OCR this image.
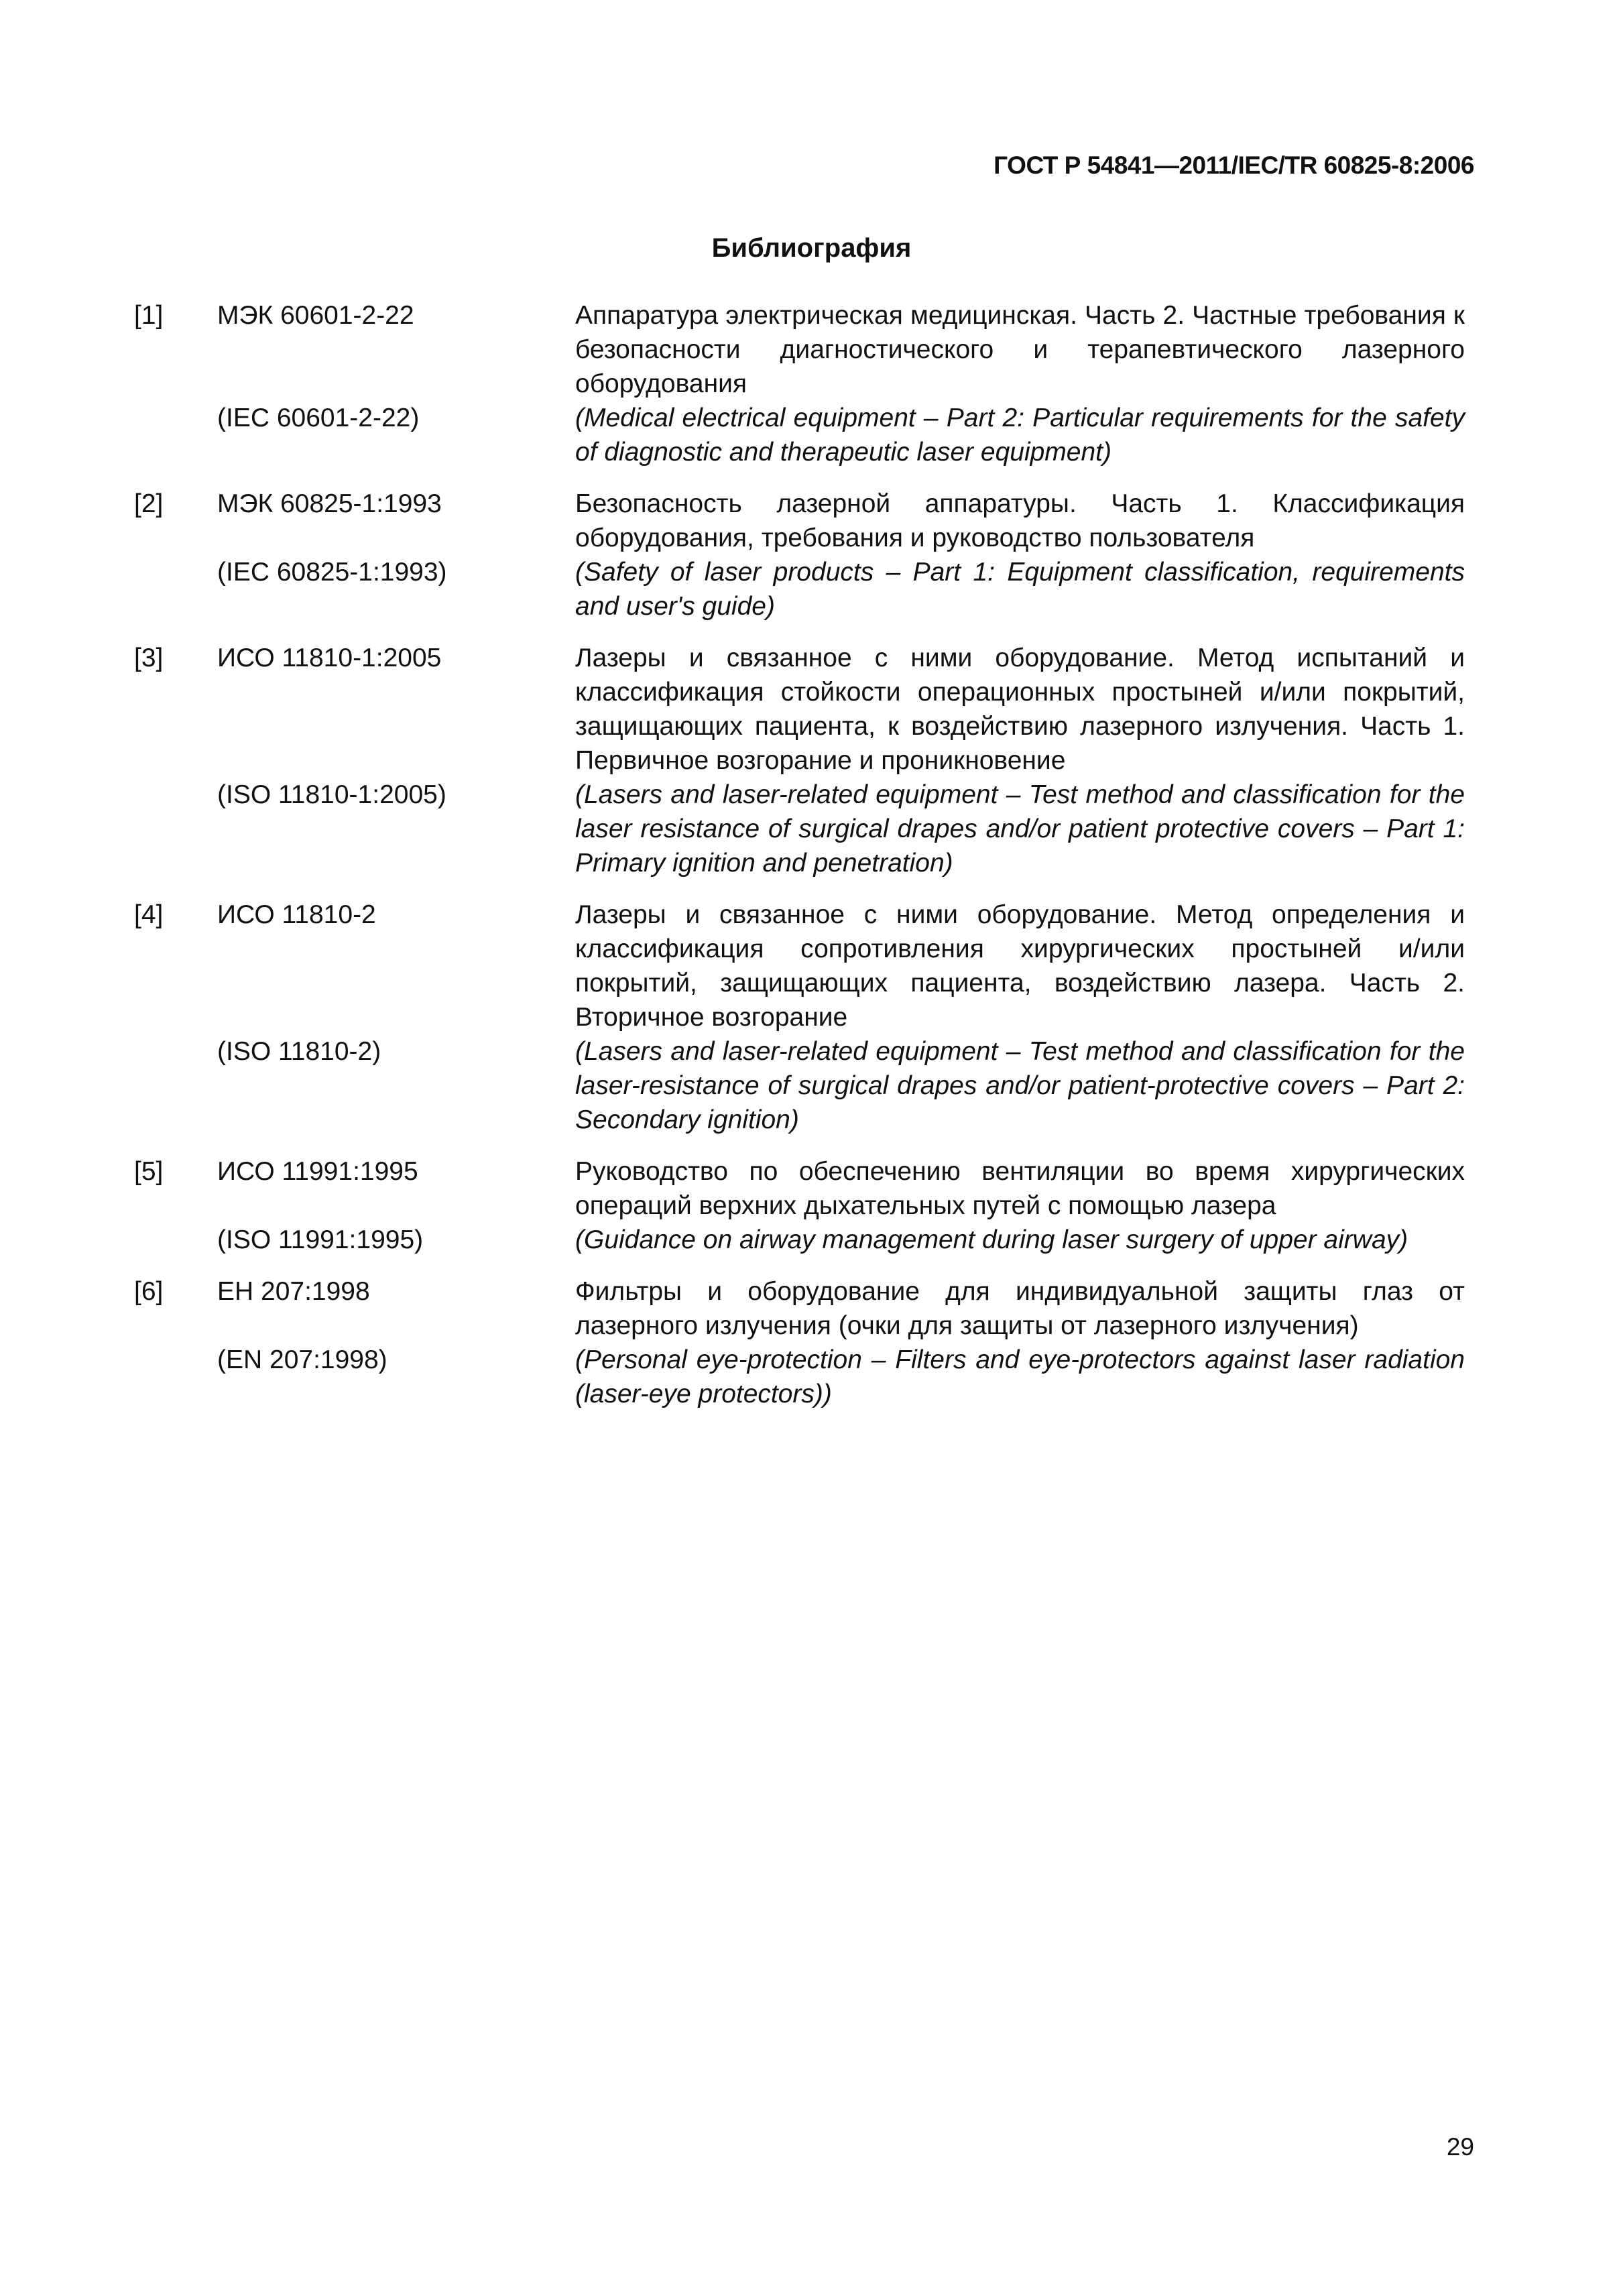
ГОСТ Р 54841—2011/IEC/TR 60825-8:2006
Библиография
[1] МЭК 60601-2-22	Аппаратура электрическая медицинская. Часть 2. Частные требования к безопасности диагностического и терапевтического лазерного оборудования
(IEC 60601-2-22)	(Medical electrical equipment – Part 2: Particular requirements for the safety of diagnostic and therapeutic laser equipment)
[2] МЭК 60825-1:1993	Безопасность лазерной аппаратуры. Часть 1. Классификация оборудования, требования и руководство пользователя
(IEC 60825-1:1993)	(Safety of laser products – Part 1: Equipment classification, requirements and user's guide)
[3] ИСО 11810-1:2005	Лазеры и связанное с ними оборудование. Метод испытаний и классификация стойкости операционных простыней и/или покрытий, защищающих пациента, к воздействию лазерного излучения. Часть 1. Первичное возгорание и проникновение
(ISO 11810-1:2005)	(Lasers and laser-related equipment – Test method and classification for the laser resistance of surgical drapes and/or patient protective covers – Part 1: Primary ignition and penetration)
[4] ИСО 11810-2	Лазеры и связанное с ними оборудование. Метод определения и классификация сопротивления хирургических простыней и/или покрытий, защищающих пациента, воздействию лазера. Часть 2. Вторичное возгорание
(ISO 11810-2)	(Lasers and laser-related equipment – Test method and classification for the laser-resistance of surgical drapes and/or patient-protective covers – Part 2: Secondary ignition)
[5] ИСО 11991:1995	Руководство по обеспечению вентиляции во время хирургических операций верхних дыхательных путей с помощью лазера
(ISO 11991:1995)	(Guidance on airway management during laser surgery of upper airway)
[6] ЕН 207:1998	Фильтры и оборудование для индивидуальной защиты глаз от лазерного излучения (очки для защиты от лазерного излучения)
(EN 207:1998)	(Personal eye-protection – Filters and eye-protectors against laser radiation (laser-eye protectors))
29
